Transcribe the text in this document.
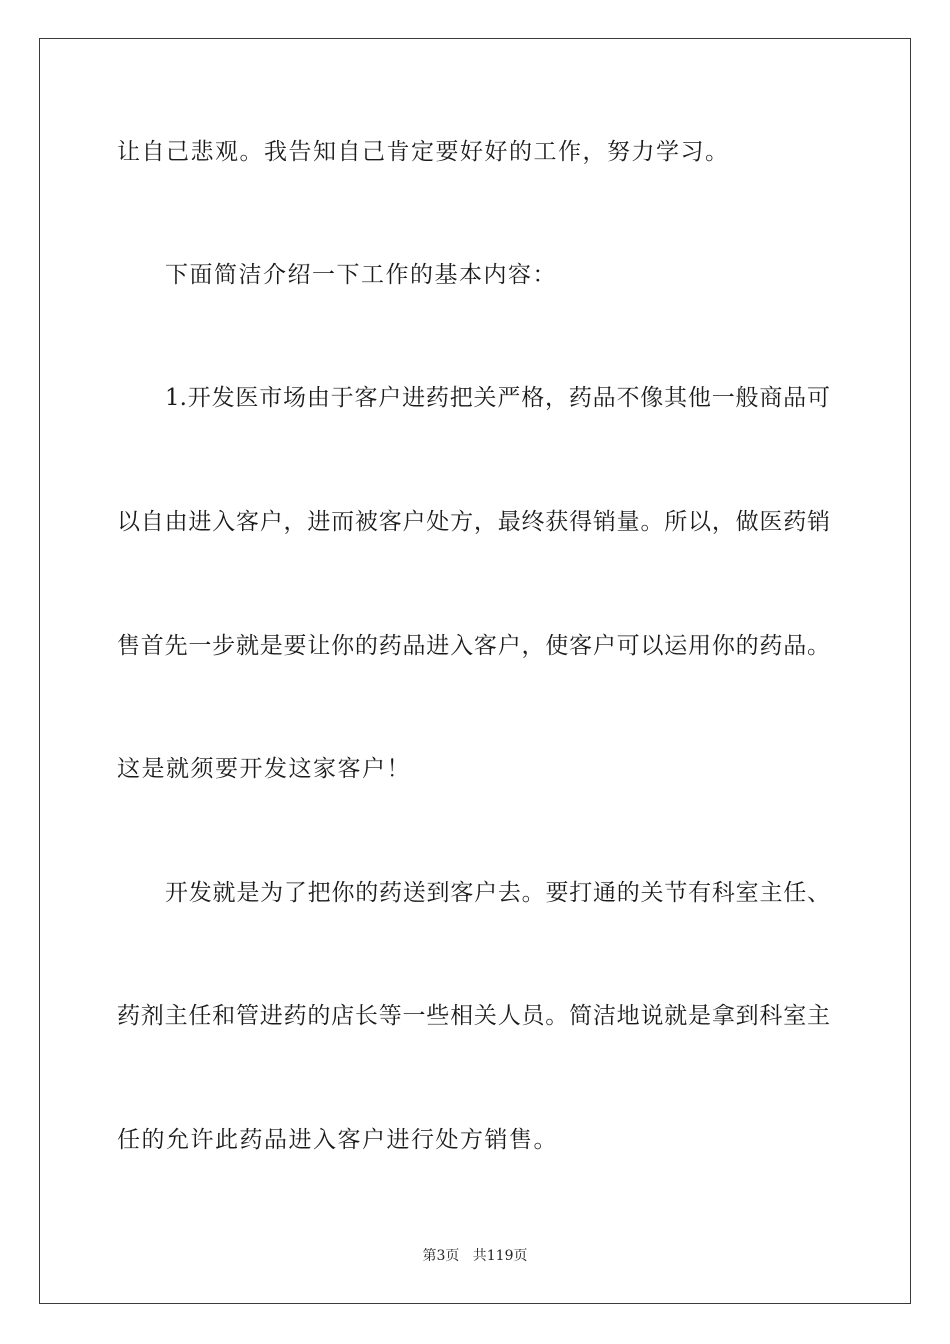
让自己悲观。我告知自己肯定要好好的工作，努力学习。
下面简洁介绍一下工作的基本内容：
1.开发医市场由于客户进药把关严格，药品不像其他一般商品可
以自由进入客户，进而被客户处方，最终获得销量。所以，做医药销
售首先一步就是要让你的药品进入客户，使客户可以运用你的药品。
这是就须要开发这家客户！
开发就是为了把你的药送到客户去。要打通的关节有科室主任、
药剂主任和管进药的店长等一些相关人员。简洁地说就是拿到科室主
任的允许此药品进入客户进行处方销售。
第3页   共119页
